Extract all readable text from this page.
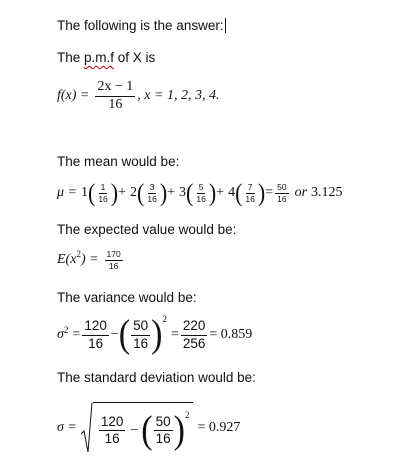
The following is the answer:
The p.m.f of X is
$f(x) = \frac{2x - 1}{16}$ , x = 1, 2, 3, 4.
The mean would be:
μ = 1 ( $\frac{1}{16}$ ) + 2 ( $\frac{3}{16}$ ) + 3 ( $\frac{5}{16}$ ) + 4 ( $\frac{7}{16}$ ) = $\frac{50}{16}$ or 3.125
The expected value would be:
E(x 2 ) = $\frac{170}{16}$
The variance would be:
σ $2 = \frac{120}{16}$ − ( $\frac{50}{16}$ ) 2
= $\frac{220}{256} = 0.859$
The standard deviation would be:
$\sigma = \frac{120}{16}$ − ( $\frac{50}{16}$ ) 2
= 0.927
